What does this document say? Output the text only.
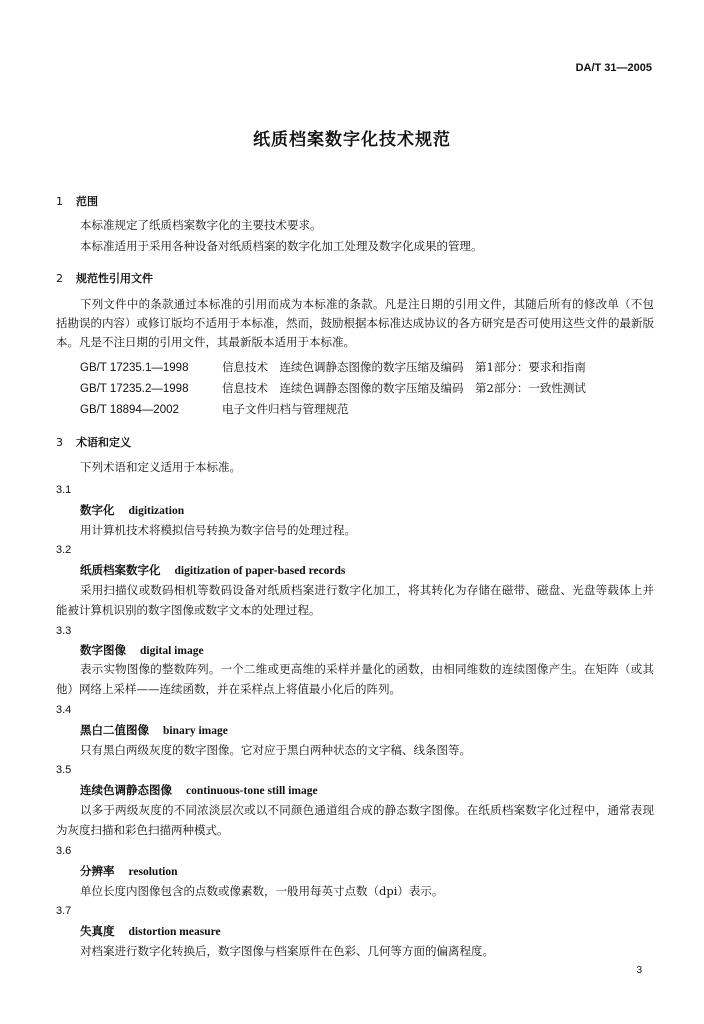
DA/T 31—2005
纸质档案数字化技术规范
1 范围
本标准规定了纸质档案数字化的主要技术要求。
本标准适用于采用各种设备对纸质档案的数字化加工处理及数字化成果的管理。
2 规范性引用文件
下列文件中的条款通过本标准的引用而成为本标准的条款。凡是注日期的引用文件，其随后所有的修改单（不包括勘误的内容）或修订版均不适用于本标准，然而，鼓励根据本标准达成协议的各方研究是否可使用这些文件的最新版本。凡是不注日期的引用文件，其最新版本适用于本标准。
GB/T 17235.1—1998	信息技术　连续色调静态图像的数字压缩及编码　第1部分：要求和指南
GB/T 17235.2—1998	信息技术　连续色调静态图像的数字压缩及编码　第2部分：一致性测试
GB/T 18894—2002	电子文件归档与管理规范
3 术语和定义
下列术语和定义适用于本标准。
3.1
数字化 digitization
用计算机技术将模拟信号转换为数字信号的处理过程。
3.2
纸质档案数字化 digitization of paper-based records
采用扫描仪或数码相机等数码设备对纸质档案进行数字化加工，将其转化为存储在磁带、磁盘、光盘等载体上并能被计算机识别的数字图像或数字文本的处理过程。
3.3
数字图像 digital image
表示实物图像的整数阵列。一个二维或更高维的采样并量化的函数，由相同维数的连续图像产生。在矩阵（或其他）网络上采样——连续函数，并在采样点上将值最小化后的阵列。
3.4
黑白二值图像 binary image
只有黑白两级灰度的数字图像。它对应于黑白两种状态的文字稿、线条图等。
3.5
连续色调静态图像 continuous-tone still image
以多于两级灰度的不同浓淡层次或以不同颜色通道组合成的静态数字图像。在纸质档案数字化过程中，通常表现为灰度扫描和彩色扫描两种模式。
3.6
分辨率 resolution
单位长度内图像包含的点数或像素数，一般用每英寸点数（dpi）表示。
3.7
失真度 distortion measure
对档案进行数字化转换后，数字图像与档案原件在色彩、几何等方面的偏离程度。
3
